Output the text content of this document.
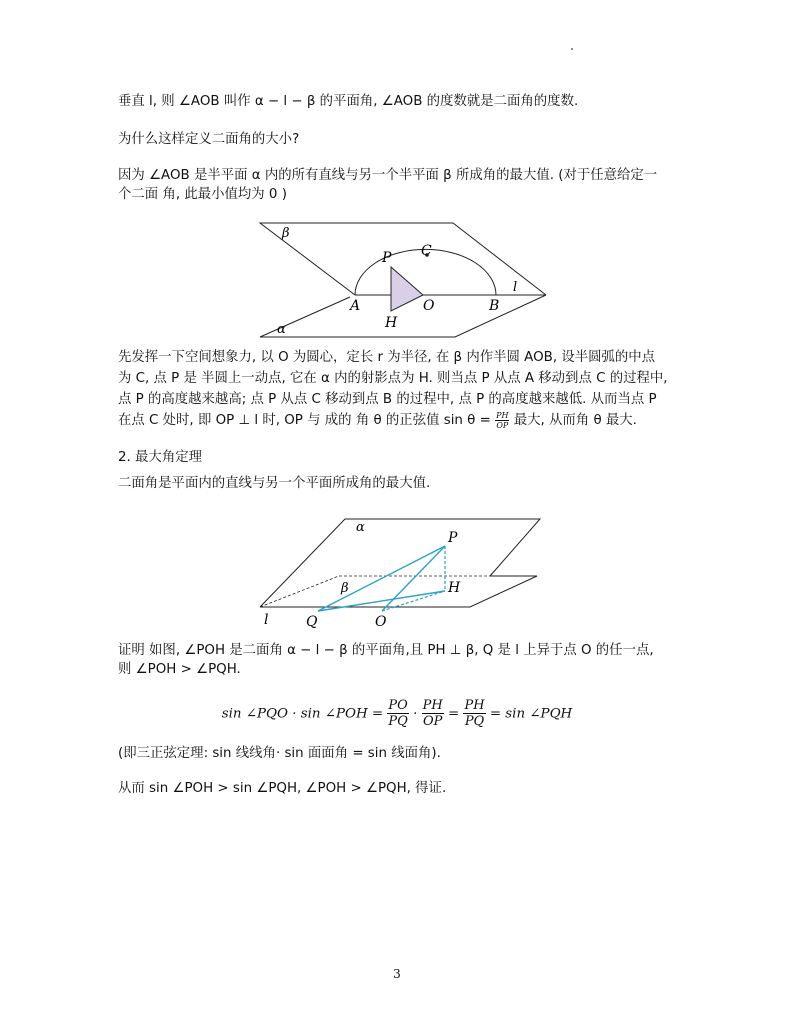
垂直 l, 则 ∠AOB 叫作 α − l − β 的平面角, ∠AOB 的度数就是二面角的度数.
为什么这样定义二面角的大小?
因为 ∠AOB 是半平面 α 内的所有直线与另一个半平面 β 所成角的最大值. (对于任意给定一
个二面 角, 此最小值均为 0 )
β
P C
l
A	O	B
H
α
先发挥一下空间想象力, 以 O 为圆心，定长 r 为半径, 在 β 内作半圆 AOB, 设半圆弧的中点
为 C, 点 P 是 半圆上一动点, 它在 α 内的射影点为 H. 则当点 P 从点 A 移动到点 C 的过程中,
点 P 的高度越来越高; 点 P 从点 C 移动到点 B 的过程中, 点 P 的高度越来越低. 从而当点 P
在点 C 处时, 即 OP ⊥ l 时, OP 与 成的 角 θ 的正弦值 $\sin \theta = \frac{PH}{OP}$ 最大, 从而角 θ 最大.
2. 最大角定理
二面角是平面内的直线与另一个平面所成角的最大值.
α
P
β	H
l	Q	O
证明 如图, ∠POH 是二面角 α − l − β 的平面角,且 PH ⊥ β, Q 是 l 上异于点 O 的任一点,
则 ∠POH > ∠PQH.
sin ∠PQO · sin ∠POH = $\frac{PO}{PQ} \cdot \frac{PH}{OP} = \frac{PH}{PQ} = \sin$ ∠PQH
(即三正弦定理: sin 线线角· sin 面面角 = sin 线面角).
从而 sin ∠POH > sin ∠PQH, ∠POH > ∠PQH, 得证.
3
